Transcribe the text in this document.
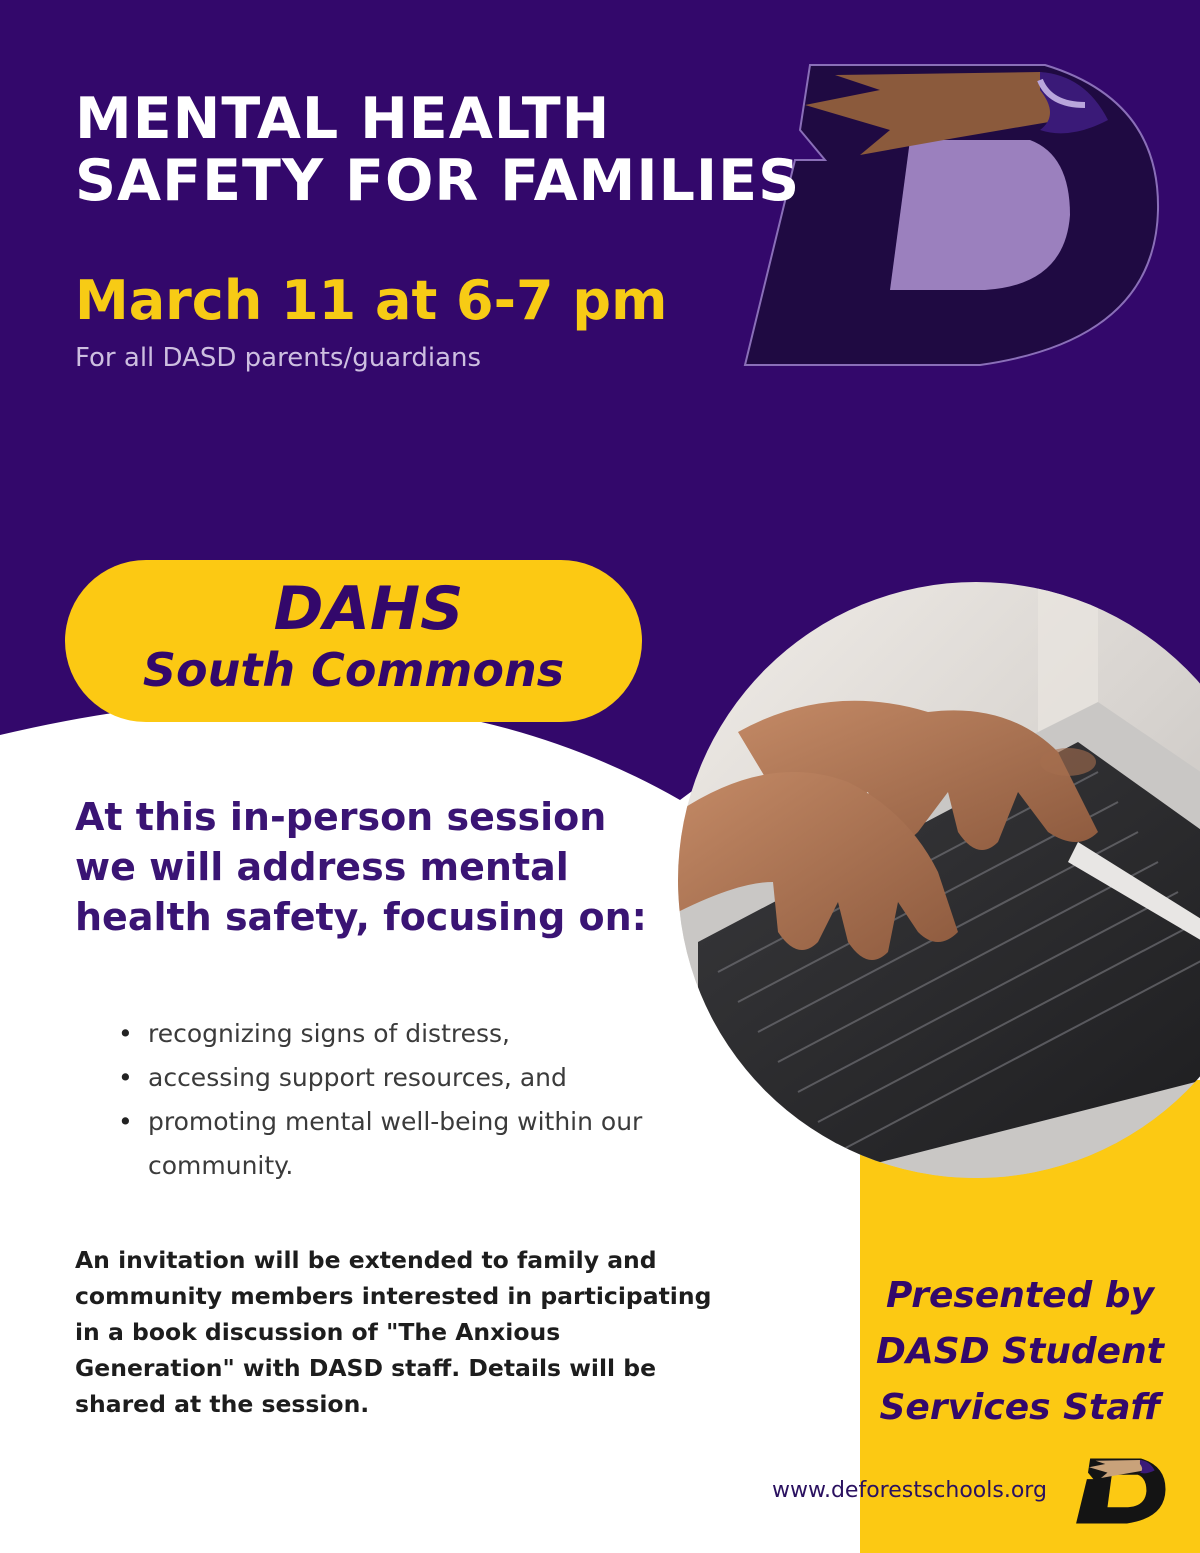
MENTAL HEALTH
SAFETY FOR FAMILIES
March 11 at 6-7 pm
For all DASD parents/guardians
DAHS
South Commons

At this in-person session we will address mental health safety, focusing on:

• recognizing signs of distress,
• accessing support resources, and
• promoting mental well-being within our community.

An invitation will be extended to family and community members interested in participating in a book discussion of "The Anxious Generation" with DASD staff. Details will be shared at the session.

Presented by
DASD Student
Services Staff
www.deforestschools.org
